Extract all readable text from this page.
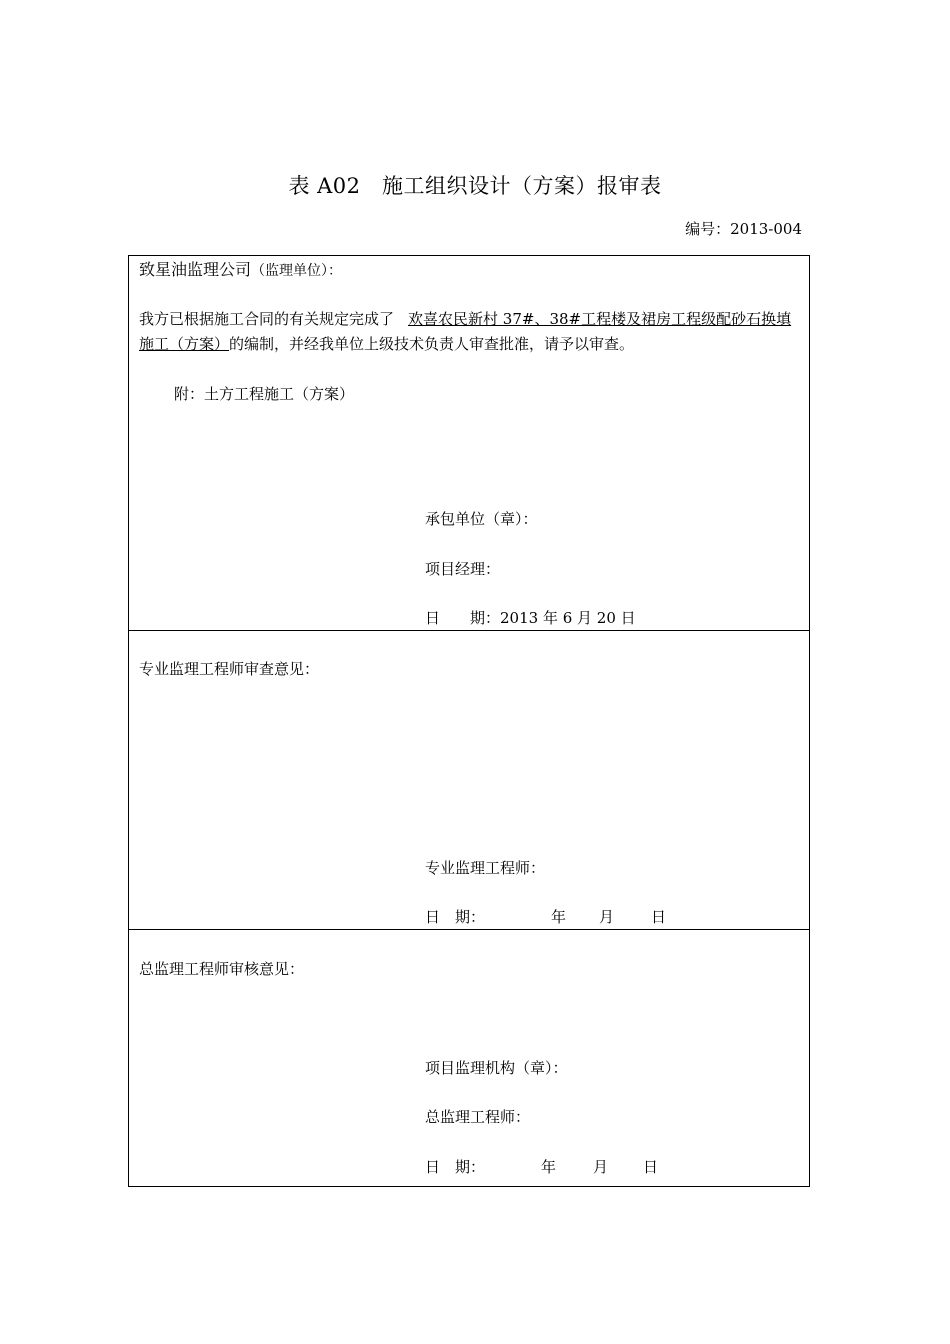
表 A02　施工组织设计（方案）报审表
编号：2013-004
致星油监理公司（监理单位）：
我方已根据施工合同的有关规定完成了 欢喜农民新村 37#、38#工程楼及裙房工程级配砂石换填施工（方案）的编制，并经我单位上级技术负责人审查批准，请予以审查。
附：土方工程施工（方案）
承包单位（章）：
项目经理：
日　　期：2013 年 6 月 20 日
专业监理工程师审查意见：
专业监理工程师：
日　期：	年 月 日
总监理工程师审核意见：
项目监理机构（章）：
总监理工程师：
日　期：	年 月 日
